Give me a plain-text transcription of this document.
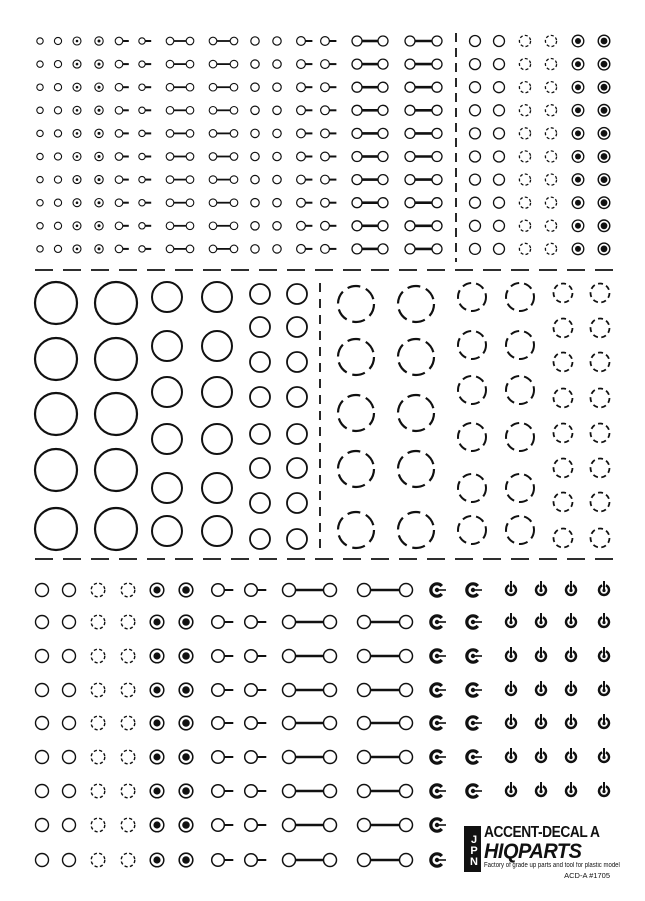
JPN
ACCENT-DECAL A
HIQPARTS
Factory of grade up parts and tool for plastic model
ACD-A #1705
